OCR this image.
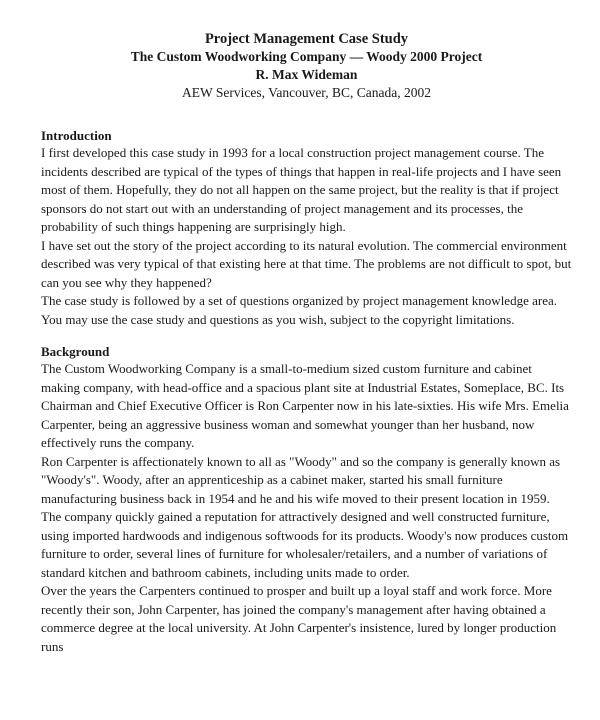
Project Management Case Study
The Custom Woodworking Company — Woody 2000 Project
R. Max Wideman
AEW Services, Vancouver, BC, Canada, 2002
Introduction

I first developed this case study in 1993 for a local construction project management course. The incidents described are typical of the types of things that happen in real-life projects and I have seen most of them. Hopefully, they do not all happen on the same project, but the reality is that if project sponsors do not start out with an understanding of project management and its processes, the probability of such things happening are surprisingly high.

I have set out the story of the project according to its natural evolution. The commercial environment described was very typical of that existing here at that time. The problems are not difficult to spot, but can you see why they happened?

The case study is followed by a set of questions organized by project management knowledge area. You may use the case study and questions as you wish, subject to the copyright limitations.

Background

The Custom Woodworking Company is a small-to-medium sized custom furniture and cabinet making company, with head-office and a spacious plant site at Industrial Estates, Someplace, BC. Its Chairman and Chief Executive Officer is Ron Carpenter now in his late-sixties. His wife Mrs. Emelia Carpenter, being an aggressive business woman and somewhat younger than her husband, now effectively runs the company.

Ron Carpenter is affectionately known to all as "Woody" and so the company is generally known as "Woody's". Woody, after an apprenticeship as a cabinet maker, started his small furniture manufacturing business back in 1954 and he and his wife moved to their present location in 1959. The company quickly gained a reputation for attractively designed and well constructed furniture, using imported hardwoods and indigenous softwoods for its products. Woody's now produces custom furniture to order, several lines of furniture for wholesaler/retailers, and a number of variations of standard kitchen and bathroom cabinets, including units made to order.

Over the years the Carpenters continued to prosper and built up a loyal staff and work force. More recently their son, John Carpenter, has joined the company's management after having obtained a commerce degree at the local university. At John Carpenter's insistence, lured by longer production runs
